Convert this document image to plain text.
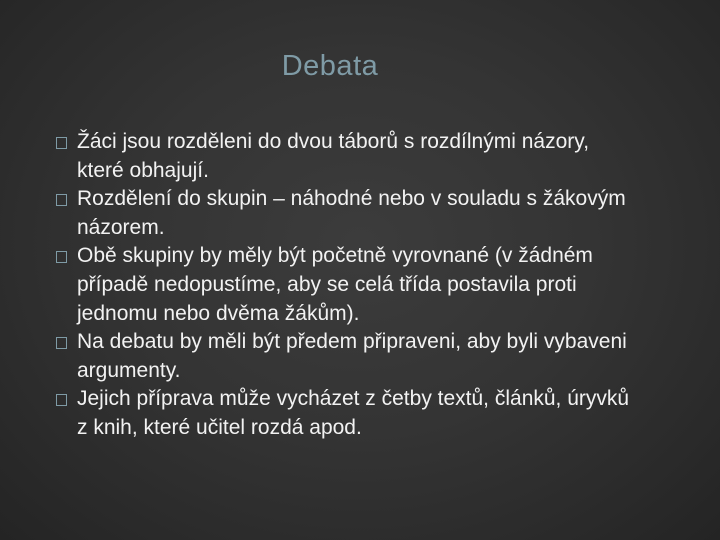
Debata
Žáci jsou rozděleni do dvou táborů s rozdílnými názory, které obhajují.
Rozdělení do skupin – náhodné nebo v souladu s žákovým názorem.
Obě skupiny by měly být početně vyrovnané (v žádném případě nedopustíme, aby se celá třída postavila proti jednomu nebo dvěma žákům).
Na debatu by měli být předem připraveni, aby byli vybaveni argumenty.
Jejich příprava může vycházet z četby textů, článků, úryvků z knih, které učitel rozdá apod.
